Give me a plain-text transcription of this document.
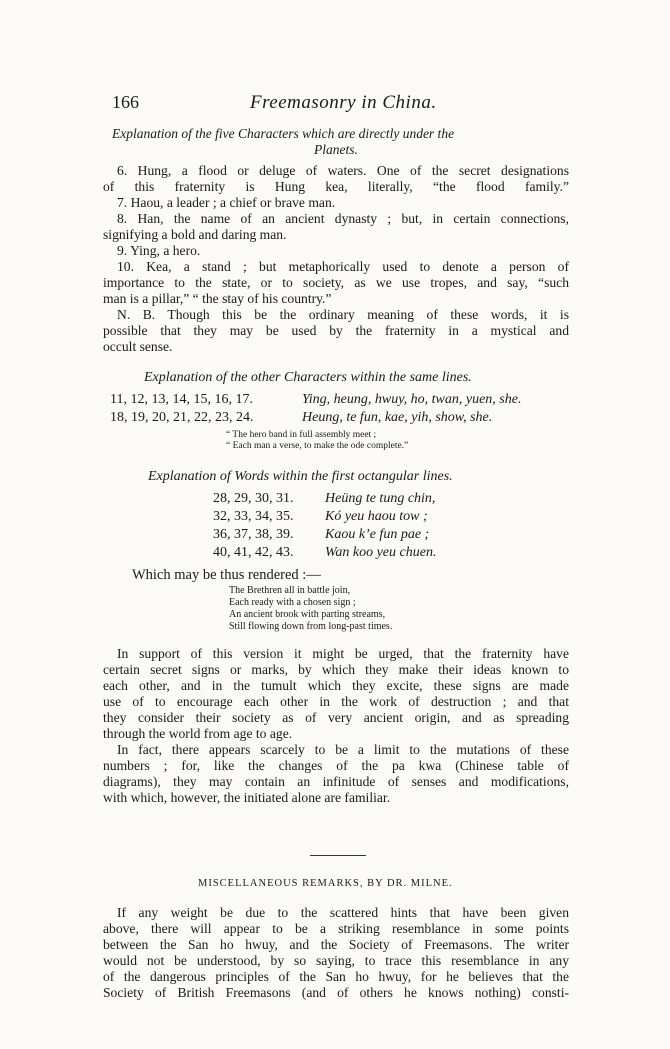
166	Freemasonry in China.
Explanation of the five Characters which are directly under the
Planets.
6. Hung, a flood or deluge of waters. One of the secret designations
of this fraternity is Hung kea, literally, “the flood family.”
7. Haou, a leader ; a chief or brave man.
8. Han, the name of an ancient dynasty ; but, in certain connections,
signifying a bold and daring man.
9. Ying, a hero.
10. Kea, a stand ; but metaphorically used to denote a person of
importance to the state, or to society, as we use tropes, and say, “such
man is a pillar,” “ the stay of his country.”
N. B. Though this be the ordinary meaning of these words, it is
possible that they may be used by the fraternity in a mystical and
occult sense.
Explanation of the other Characters within the same lines.
11, 12, 13, 14, 15, 16, 17.	Ying, heung, hwuy, ho, twan, yuen, she.
18, 19, 20, 21, 22, 23, 24.	Heung, te fun, kae, yih, show, she.
“ The hero band in full assembly meet ;
“ Each man a verse, to make the ode complete.”
Explanation of Words within the first octangular lines.
28, 29, 30, 31. Heüng te tung chin,
32, 33, 34, 35. Kó yeu haou tow ;
36, 37, 38, 39. Kaou k’e fun pae ;
40, 41, 42, 43. Wan koo yeu chuen.
Which may be thus rendered :—
The Brethren all in battle join,
Each ready with a chosen sign ;
An ancient brook with parting streams,
Still flowing down from long-past times.
In support of this version it might be urged, that the fraternity have
certain secret signs or marks, by which they make their ideas known to
each other, and in the tumult which they excite, these signs are made
use of to encourage each other in the work of destruction ; and that
they consider their society as of very ancient origin, and as spreading
through the world from age to age.
In fact, there appears scarcely to be a limit to the mutations of these
numbers ; for, like the changes of the pa kwa (Chinese table of
diagrams), they may contain an infinitude of senses and modifications,
with which, however, the initiated alone are familiar.
MISCELLANEOUS REMARKS, BY DR. MILNE.
If any weight be due to the scattered hints that have been given
above, there will appear to be a striking resemblance in some points
between the San ho hwuy, and the Society of Freemasons. The writer
would not be understood, by so saying, to trace this resemblance in any
of the dangerous principles of the San ho hwuy, for he believes that the
Society of British Freemasons (and of others he knows nothing) consti-
